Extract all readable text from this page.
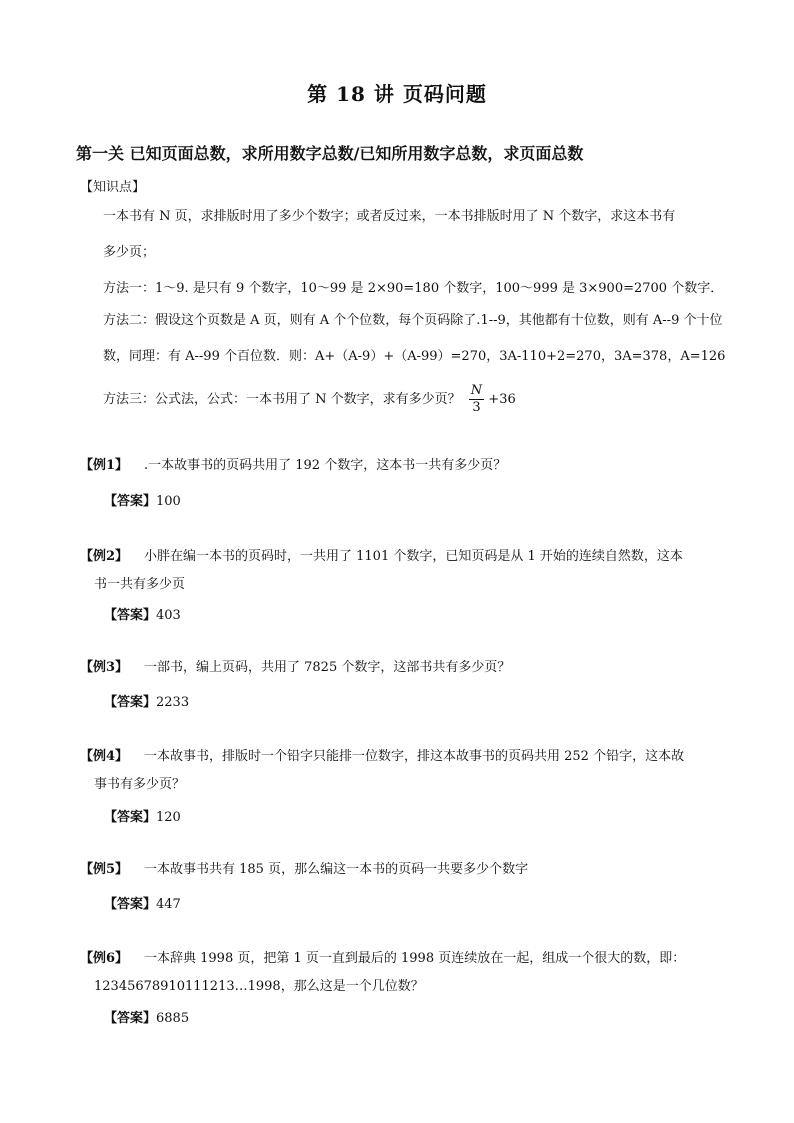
第 18 讲 页码问题
第一关 已知页面总数，求所用数字总数/已知所用数字总数，求页面总数
【知识点】
一本书有 N 页，求排版时用了多少个数字；或者反过来，一本书排版时用了 N 个数字，求这本书有
多少页；
方法一：1～9. 是只有 9 个数字，10～99 是 2×90=180 个数字，100～999 是 3×900=2700 个数字．
方法二：假设这个页数是 A 页，则有 A 个个位数，每个页码除了.1--9，其他都有十位数，则有 A--9 个十位数，同理：有 A--99 个百位数．则：A+（A-9）+（A-99）=270，3A-110+2=270，3A=378，A=126
方法三：公式法，公式：一本书用了 N 个数字，求有多少页？ $\frac{N}{3} +36$
【例1】 .一本故事书的页码共用了 192 个数字，这本书一共有多少页？
【答案】100
【例2】 小胖在编一本书的页码时，一共用了 1101 个数字，已知页码是从 1 开始的连续自然数，这本
书一共有多少页
【答案】403
【例3】 一部书，编上页码，共用了 7825 个数字，这部书共有多少页？
【答案】2233
【例4】 一本故事书，排版时一个铅字只能排一位数字，排这本故事书的页码共用 252 个铅字，这本故
事书有多少页？
【答案】120
【例5】 一本故事书共有 185 页，那么编这一本书的页码一共要多少个数字
【答案】447
【例6】 一本辞典 1998 页，把第 1 页一直到最后的 1998 页连续放在一起，组成一个很大的数，即：
12345678910111213…1998，那么这是一个几位数？
【答案】6885
